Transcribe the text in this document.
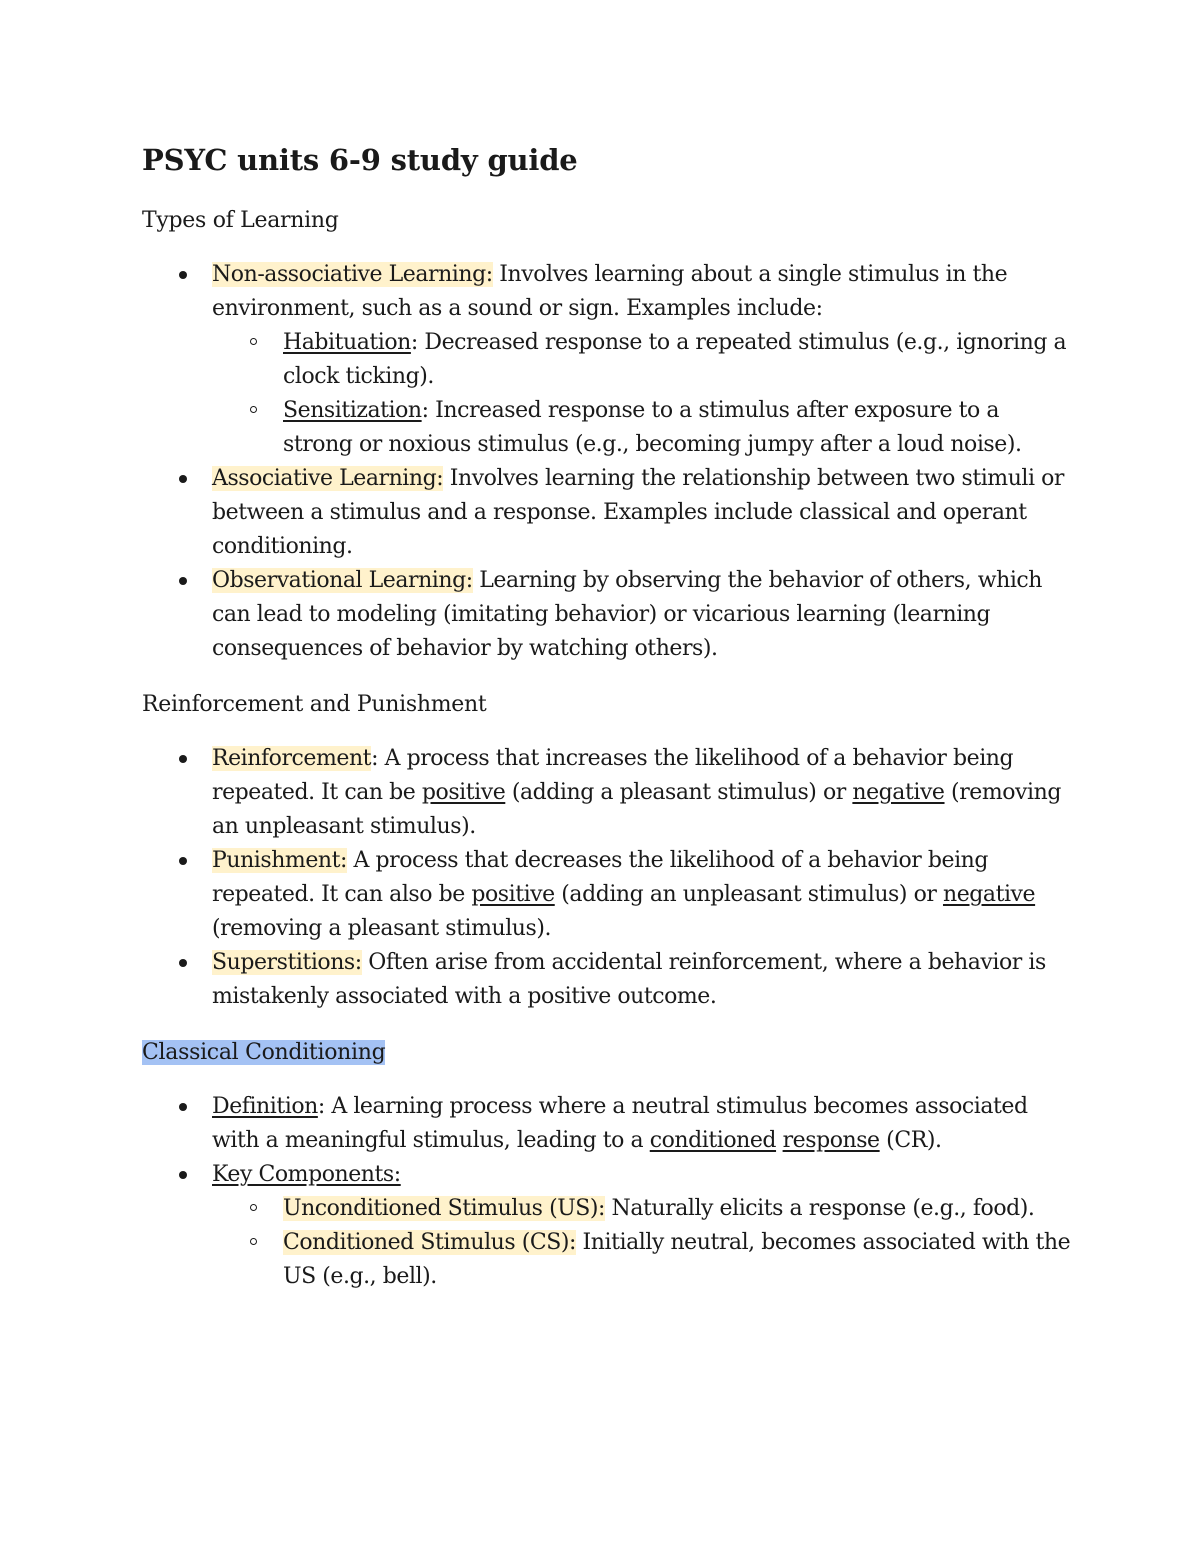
PSYC units 6-9 study guide
Types of Learning
Non-associative Learning: Involves learning about a single stimulus in the environment, such as a sound or sign. Examples include:
Habituation: Decreased response to a repeated stimulus (e.g., ignoring a clock ticking).
Sensitization: Increased response to a stimulus after exposure to a strong or noxious stimulus (e.g., becoming jumpy after a loud noise).
Associative Learning: Involves learning the relationship between two stimuli or between a stimulus and a response. Examples include classical and operant conditioning.
Observational Learning: Learning by observing the behavior of others, which can lead to modeling (imitating behavior) or vicarious learning (learning consequences of behavior by watching others).
Reinforcement and Punishment
Reinforcement: A process that increases the likelihood of a behavior being repeated. It can be positive (adding a pleasant stimulus) or negative (removing an unpleasant stimulus).
Punishment: A process that decreases the likelihood of a behavior being repeated. It can also be positive (adding an unpleasant stimulus) or negative (removing a pleasant stimulus).
Superstitions: Often arise from accidental reinforcement, where a behavior is mistakenly associated with a positive outcome.
Classical Conditioning
Definition: A learning process where a neutral stimulus becomes associated with a meaningful stimulus, leading to a conditioned response (CR).
Key Components:
Unconditioned Stimulus (US): Naturally elicits a response (e.g., food).
Conditioned Stimulus (CS): Initially neutral, becomes associated with the US (e.g., bell).
